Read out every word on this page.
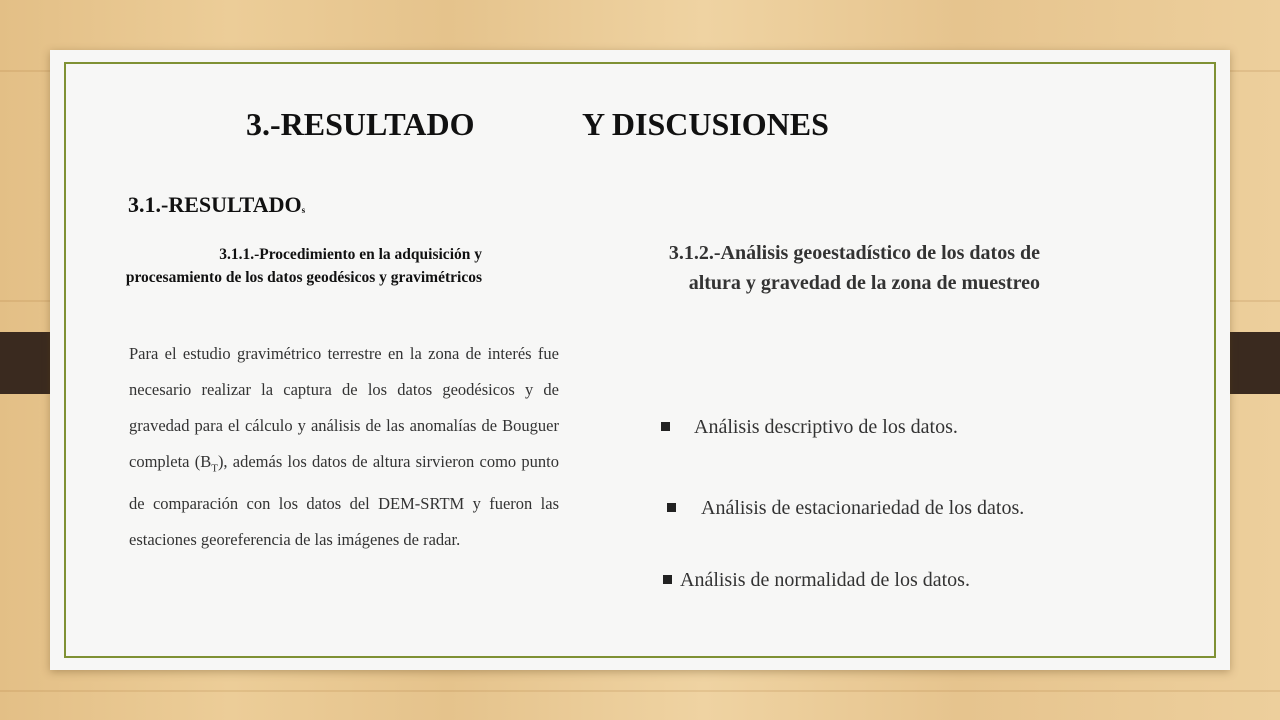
3.-RESULTADO	Y DISCUSIONES
$3.1.-RESULTADO_s$
3.1.1.-Procedimiento en la adquisición y procesamiento de los datos geodésicos y gravimétricos
Para el estudio gravimétrico terrestre en la zona de interés fue necesario realizar la captura de los datos geodésicos y de gravedad para el cálculo y análisis de las anomalías de Bouguer completa $(B_T)$, además los datos de altura sirvieron como punto de comparación con los datos del DEM-SRTM y fueron las estaciones georeferencia de las imágenes de radar.
3.1.2.-Análisis geoestadístico de los datos de altura y gravedad de la zona de muestreo
Análisis descriptivo de los datos.
Análisis de estacionariedad de los datos.
Análisis de normalidad de los datos.
